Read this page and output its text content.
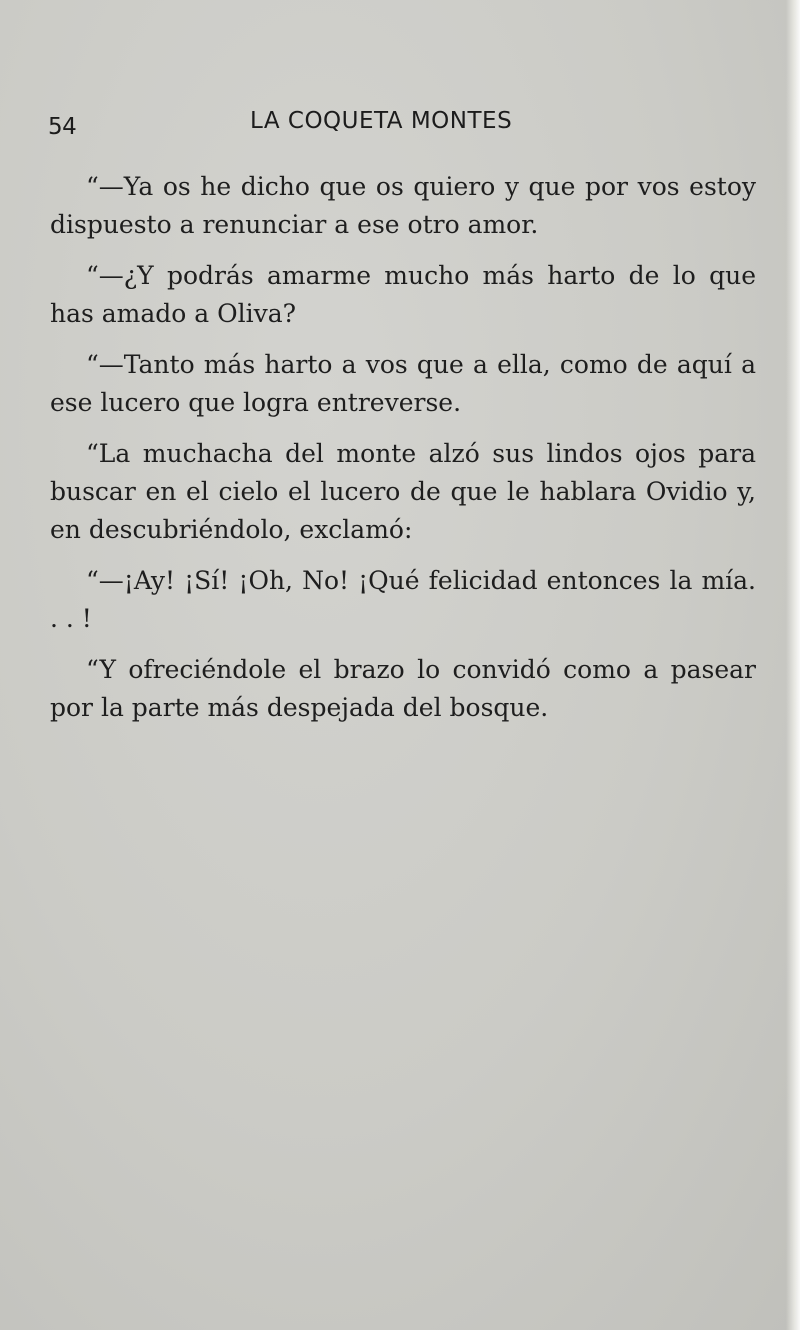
54	LA COQUETA MONTES

“—Ya os he dicho que os quiero y que por vos estoy dispuesto a renunciar a ese otro amor.

“—¿Y podrás amarme mucho más harto de lo que has amado a Oliva?

“—Tanto más harto a vos que a ella, como de aquí a ese lucero que logra entreverse.

“La muchacha del monte alzó sus lindos ojos para buscar en el cielo el lucero de que le hablara Ovidio y, en descubriéndolo, exclamó:

“—¡Ay! ¡Sí! ¡Oh, No! ¡Qué felicidad entonces la mía. . . !

“Y ofreciéndole el brazo lo convidó como a pasear por la parte más despejada del bosque.
